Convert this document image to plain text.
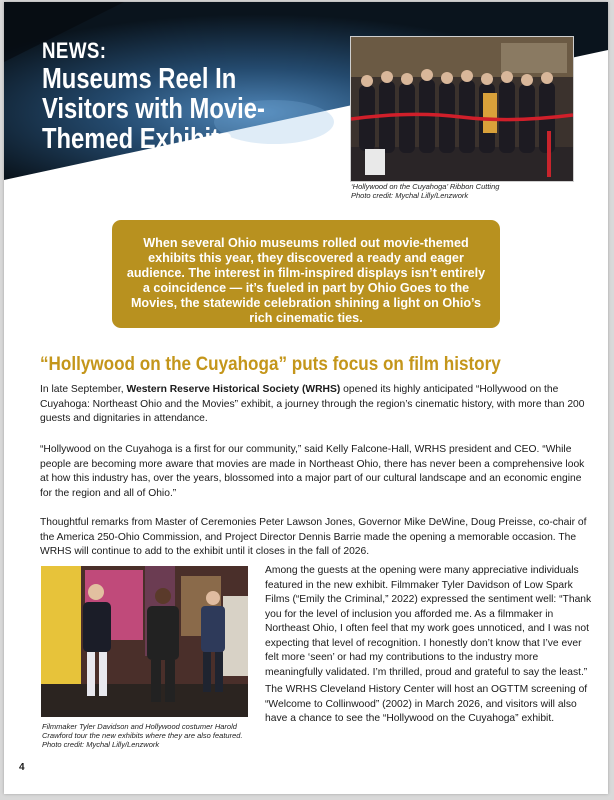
NEWS:
Museums Reel In Visitors with Movie-Themed Exhibits
‘Hollywood on the Cuyahoga’ Ribbon Cutting
Photo credit: Mychal Lilly/Lenzwork
When several Ohio museums rolled out movie-themed exhibits this year, they discovered a ready and eager audience. The interest in film-inspired displays isn’t entirely a coincidence — it’s fueled in part by Ohio Goes to the Movies, the statewide celebration shining a light on Ohio’s rich cinematic ties.
“Hollywood on the Cuyahoga” puts focus on film history
In late September, Western Reserve Historical Society (WRHS) opened its highly anticipated “Hollywood on the Cuyahoga: Northeast Ohio and the Movies” exhibit, a journey through the region’s cinematic history, with more than 200 guests and dignitaries in attendance.
“Hollywood on the Cuyahoga is a first for our community,” said Kelly Falcone-Hall, WRHS president and CEO. “While people are becoming more aware that movies are made in Northeast Ohio, there has never been a comprehensive look at how this industry has, over the years, blossomed into a major part of our cultural landscape and an economic engine for the region and all of Ohio.”
Thoughtful remarks from Master of Ceremonies Peter Lawson Jones, Governor Mike DeWine, Doug Preisse, co-chair of the America 250-Ohio Commission, and Project Director Dennis Barrie made the opening a memorable occasion. The WRHS will continue to add to the exhibit until it closes in the fall of 2026.
Filmmaker Tyler Davidson and Hollywood costumer Harold
Crawford tour the new exhibits where they are also featured.
Photo credit: Mychal Lilly/Lenzwork
Among the guests at the opening were many appreciative individuals featured in the new exhibit. Filmmaker Tyler Davidson of Low Spark Films (“Emily the Criminal,” 2022) expressed the sentiment well: “Thank you for the level of inclusion you afforded me. As a filmmaker in Northeast Ohio, I often feel that my work goes unnoticed, and I was not expecting that level of recognition. I honestly don’t know that I’ve ever felt more ‘seen’ or had my contributions to the industry more meaningfully validated. I’m thrilled, proud and grateful to say the least.”
The WRHS Cleveland History Center will host an OGTTM screening of “Welcome to Collinwood” (2002) in March 2026, and visitors will also have a chance to see the “Hollywood on the Cuyahoga” exhibit.
4
